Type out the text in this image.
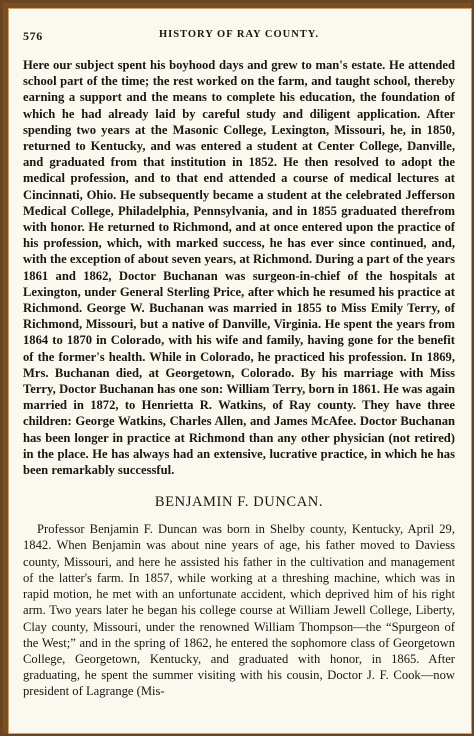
576	HISTORY OF RAY COUNTY.

Here our subject spent his boyhood days and grew to man's estate. He attended school part of the time; the rest worked on the farm, and taught school, thereby earning a support and the means to complete his education, the foundation of which he had already laid by careful study and diligent application. After spending two years at the Masonic College, Lexington, Missouri, he, in 1850, returned to Kentucky, and was entered a student at Center College, Danville, and graduated from that institution in 1852. He then resolved to adopt the medical profession, and to that end attended a course of medical lectures at Cincinnati, Ohio. He subsequently became a student at the celebrated Jefferson Medical College, Philadelphia, Pennsylvania, and in 1855 graduated therefrom with honor. He returned to Richmond, and at once entered upon the practice of his profession, which, with marked success, he has ever since continued, and, with the exception of about seven years, at Richmond. During a part of the years 1861 and 1862, Doctor Buchanan was surgeon-in-chief of the hospitals at Lexington, under General Sterling Price, after which he resumed his practice at Richmond. George W. Buchanan was married in 1855 to Miss Emily Terry, of Richmond, Missouri, but a native of Danville, Virginia. He spent the years from 1864 to 1870 in Colorado, with his wife and family, having gone for the benefit of the former's health. While in Colorado, he practiced his profession. In 1869, Mrs. Buchanan died, at Georgetown, Colorado. By his marriage with Miss Terry, Doctor Buchanan has one son: William Terry, born in 1861. He was again married in 1872, to Henrietta R. Watkins, of Ray county. They have three children: George Watkins, Charles Allen, and James McAfee. Doctor Buchanan has been longer in practice at Richmond than any other physician (not retired) in the place. He has always had an extensive, lucrative practice, in which he has been remarkably successful.

BENJAMIN F. DUNCAN.

Professor Benjamin F. Duncan was born in Shelby county, Kentucky, April 29, 1842. When Benjamin was about nine years of age, his father moved to Daviess county, Missouri, and here he assisted his father in the cultivation and management of the latter's farm. In 1857, while working at a threshing machine, which was in rapid motion, he met with an unfortunate accident, which deprived him of his right arm. Two years later he began his college course at William Jewell College, Liberty, Clay county, Missouri, under the renowned William Thompson—the “Spurgeon of the West;” and in the spring of 1862, he entered the sophomore class of Georgetown College, Georgetown, Kentucky, and graduated with honor, in 1865. After graduating, he spent the summer visiting with his cousin, Doctor J. F. Cook—now president of Lagrange (Mis-
